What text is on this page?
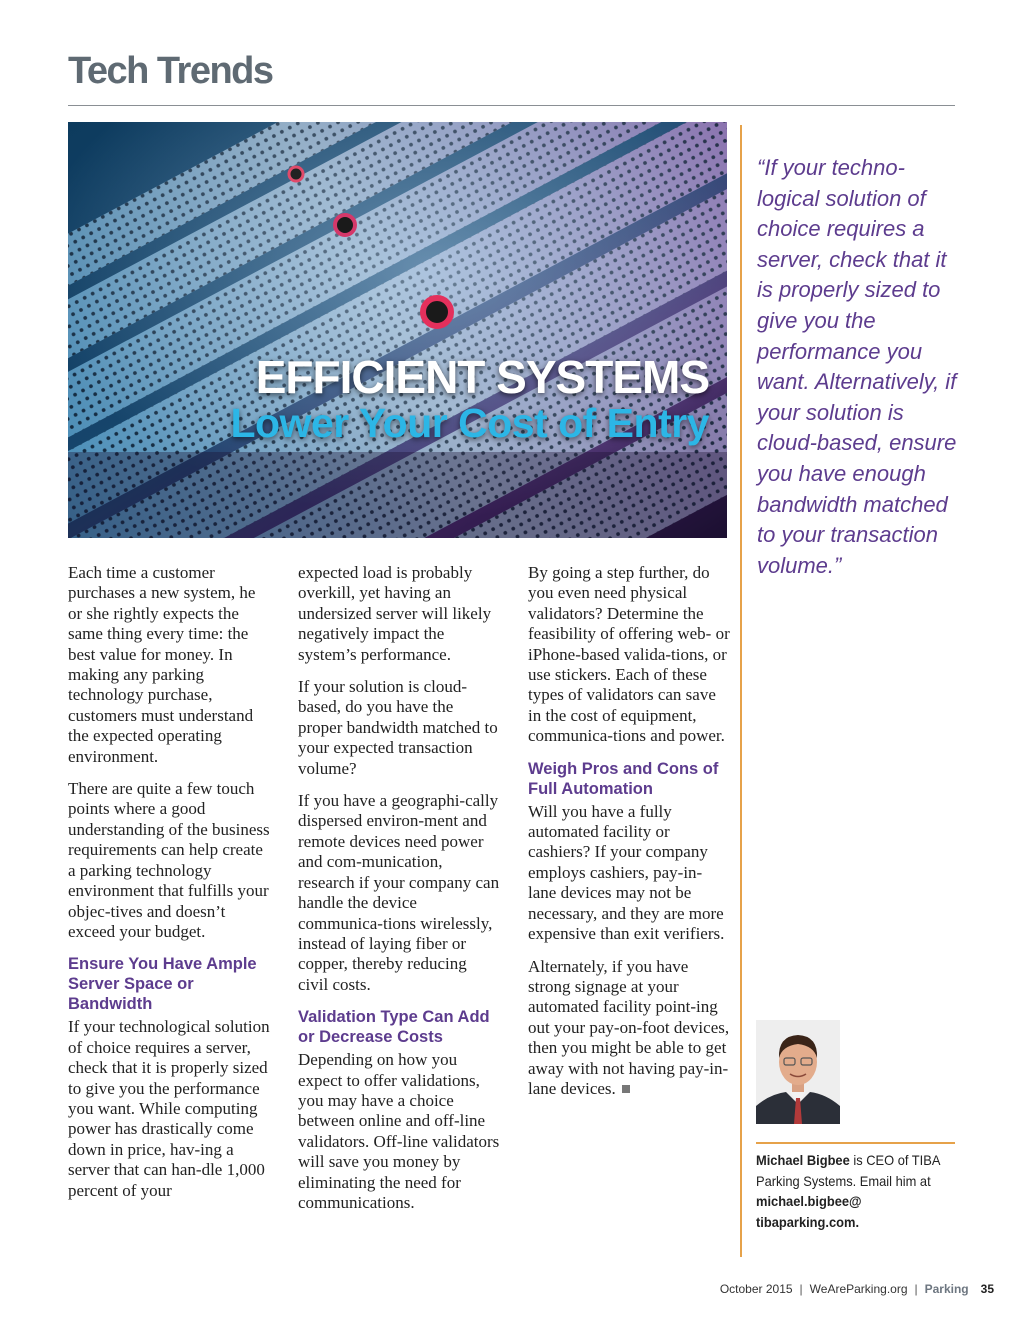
Tech Trends
EFFICIENT SYSTEMS
Lower Your Cost of Entry

“If your techno-logical solution of choice requires a server, check that it is properly sized to give you the performance you want. Alternatively, if your solution is cloud-based, ensure you have enough bandwidth matched to your transaction volume.”

Each time a customer purchases a new system, he or she rightly expects the same thing every time: the best value for money. In making any parking technology purchase, customers must understand the expected operating environment.

There are quite a few touch points where a good understanding of the business requirements can help create a parking technology environment that fulfills your objec-tives and doesn’t exceed your budget.

Ensure You Have Ample Server Space or Bandwidth

If your technological solution of choice requires a server, check that it is properly sized to give you the performance you want. While computing power has drastically come down in price, hav-ing a server that can han-dle 1,000 percent of your

expected load is probably overkill, yet having an undersized server will likely negatively impact the system’s performance.

If your solution is cloud-based, do you have the proper bandwidth matched to your expected transaction volume?

If you have a geographi-cally dispersed environ-ment and remote devices need power and com-munication, research if your company can handle the device communica-tions wirelessly, instead of laying fiber or copper, thereby reducing civil costs.

Validation Type Can Add or Decrease Costs

Depending on how you expect to offer validations, you may have a choice between online and off-line validators. Off-line validators will save you money by eliminating the need for communications.

By going a step further, do you even need physical validators? Determine the feasibility of offering web- or iPhone-based valida-tions, or use stickers. Each of these types of validators can save in the cost of equipment, communica-tions and power.

Weigh Pros and Cons of Full Automation

Will you have a fully automated facility or cashiers? If your company employs cashiers, pay-in-lane devices may not be necessary, and they are more expensive than exit verifiers.

Alternately, if you have strong signage at your automated facility point-ing out your pay-on-foot devices, then you might be able to get away with not having pay-in-lane devices.

Michael Bigbee is CEO of TIBA Parking Systems. Email him at michael.bigbee@ tibaparking.com.

October 2015 | WeAreParking.org | Parking 35
